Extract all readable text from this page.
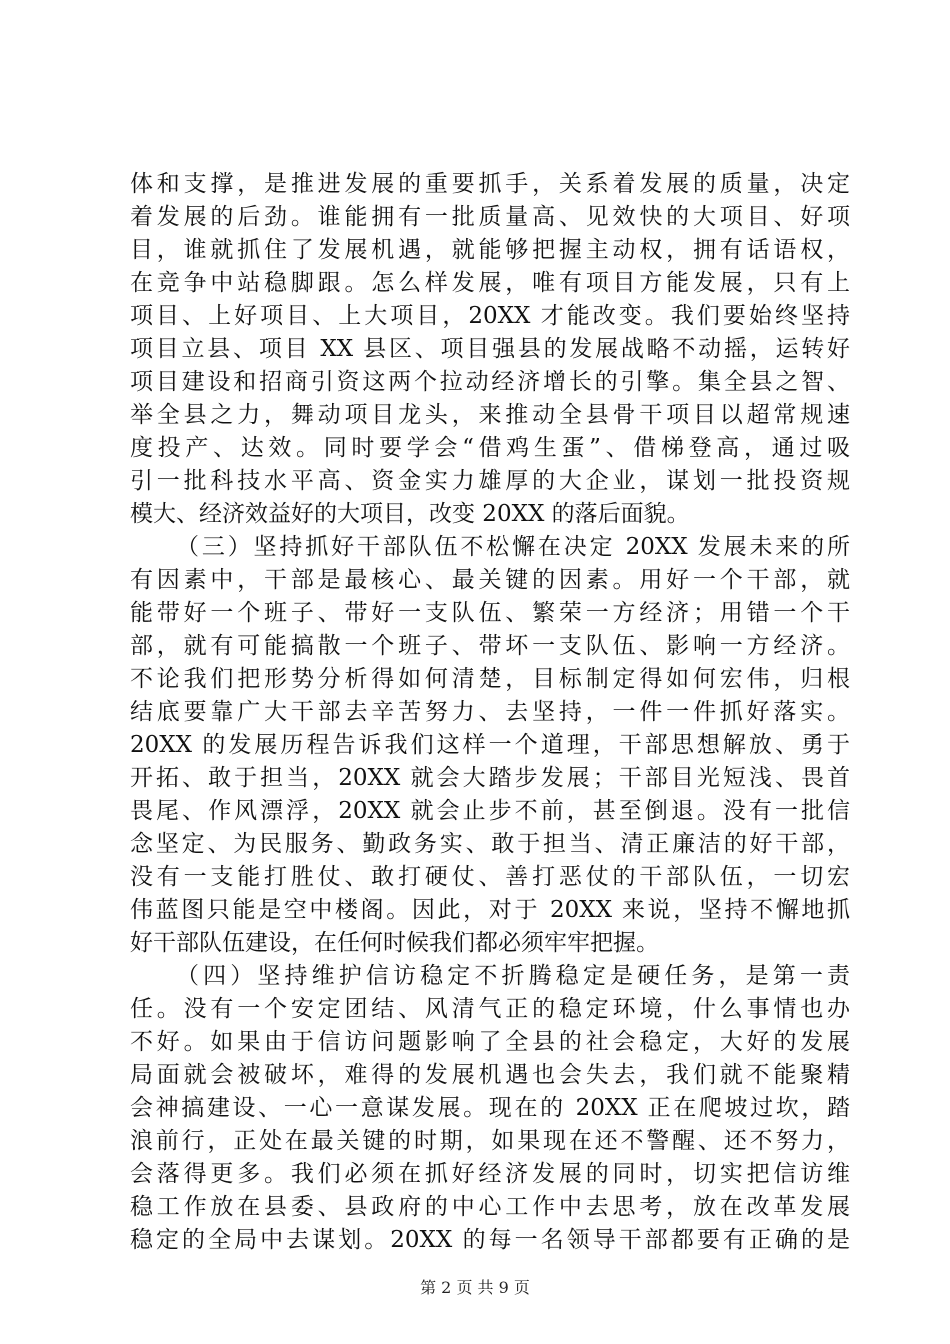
体和支撑，是推进发展的重要抓手，关系着发展的质量，决定
着发展的后劲。谁能拥有一批质量高、见效快的大项目、好项
目，谁就抓住了发展机遇，就能够把握主动权，拥有话语权，
在竞争中站稳脚跟。怎么样发展，唯有项目方能发展，只有上
项目、上好项目、上大项目，20XX 才能改变。我们要始终坚持
项目立县、项目 XX 县区、项目强县的发展战略不动摇，运转好
项目建设和招商引资这两个拉动经济增长的引擎。集全县之智、
举全县之力，舞动项目龙头，来推动全县骨干项目以超常规速
度投产、达效。同时要学会“借鸡生蛋”、借梯登高，通过吸
引一批科技水平高、资金实力雄厚的大企业，谋划一批投资规
模大、经济效益好的大项目，改变 20XX 的落后面貌。
（三）坚持抓好干部队伍不松懈在决定 20XX 发展未来的所
有因素中，干部是最核心、最关键的因素。用好一个干部，就
能带好一个班子、带好一支队伍、繁荣一方经济；用错一个干
部，就有可能搞散一个班子、带坏一支队伍、影响一方经济。
不论我们把形势分析得如何清楚，目标制定得如何宏伟，归根
结底要靠广大干部去辛苦努力、去坚持，一件一件抓好落实。
20XX 的发展历程告诉我们这样一个道理，干部思想解放、勇于
开拓、敢于担当，20XX 就会大踏步发展；干部目光短浅、畏首
畏尾、作风漂浮，20XX 就会止步不前，甚至倒退。没有一批信
念坚定、为民服务、勤政务实、敢于担当、清正廉洁的好干部，
没有一支能打胜仗、敢打硬仗、善打恶仗的干部队伍，一切宏
伟蓝图只能是空中楼阁。因此，对于 20XX 来说，坚持不懈地抓
好干部队伍建设，在任何时候我们都必须牢牢把握。
（四）坚持维护信访稳定不折腾稳定是硬任务，是第一责
任。没有一个安定团结、风清气正的稳定环境，什么事情也办
不好。如果由于信访问题影响了全县的社会稳定，大好的发展
局面就会被破坏，难得的发展机遇也会失去，我们就不能聚精
会神搞建设、一心一意谋发展。现在的 20XX 正在爬坡过坎，踏
浪前行，正处在最关键的时期，如果现在还不警醒、还不努力，
会落得更多。我们必须在抓好经济发展的同时，切实把信访维
稳工作放在县委、县政府的中心工作中去思考，放在改革发展
稳定的全局中去谋划。20XX 的每一名领导干部都要有正确的是
第 2 页 共 9 页
